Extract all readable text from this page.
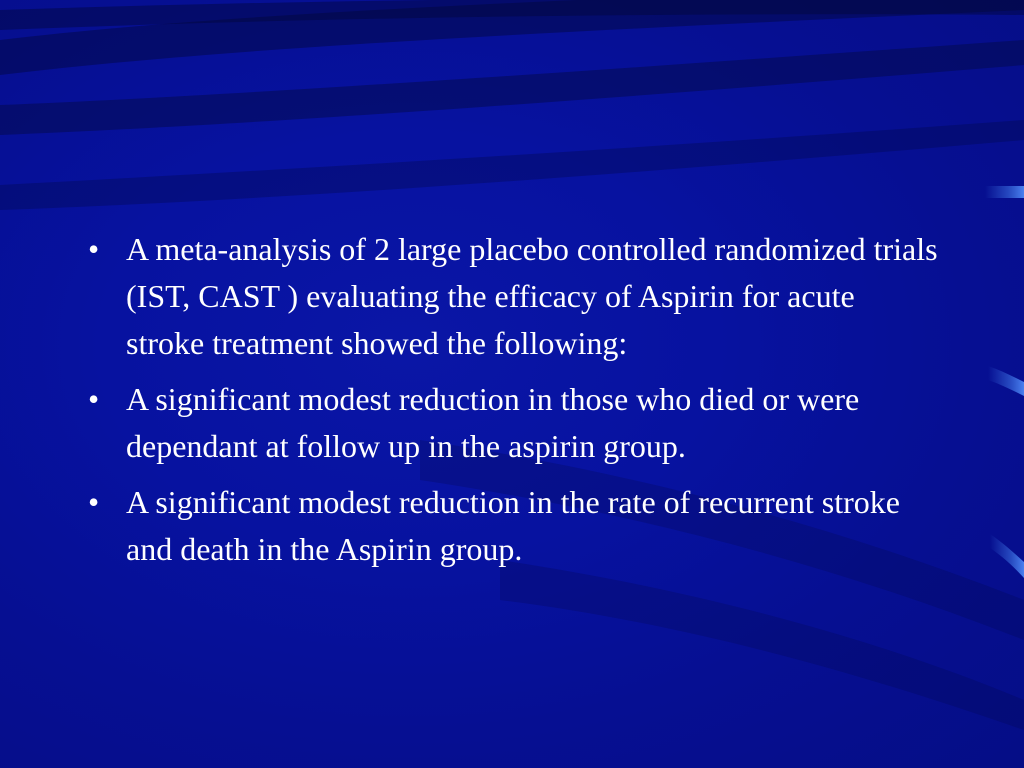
• A meta-analysis of 2 large placebo controlled randomized trials (IST, CAST ) evaluating the efficacy of Aspirin for acute stroke treatment showed the following:
• A significant modest reduction in those who died or were dependant at follow up in the aspirin group.
• A significant modest reduction in the rate of recurrent stroke and death in the Aspirin group.
